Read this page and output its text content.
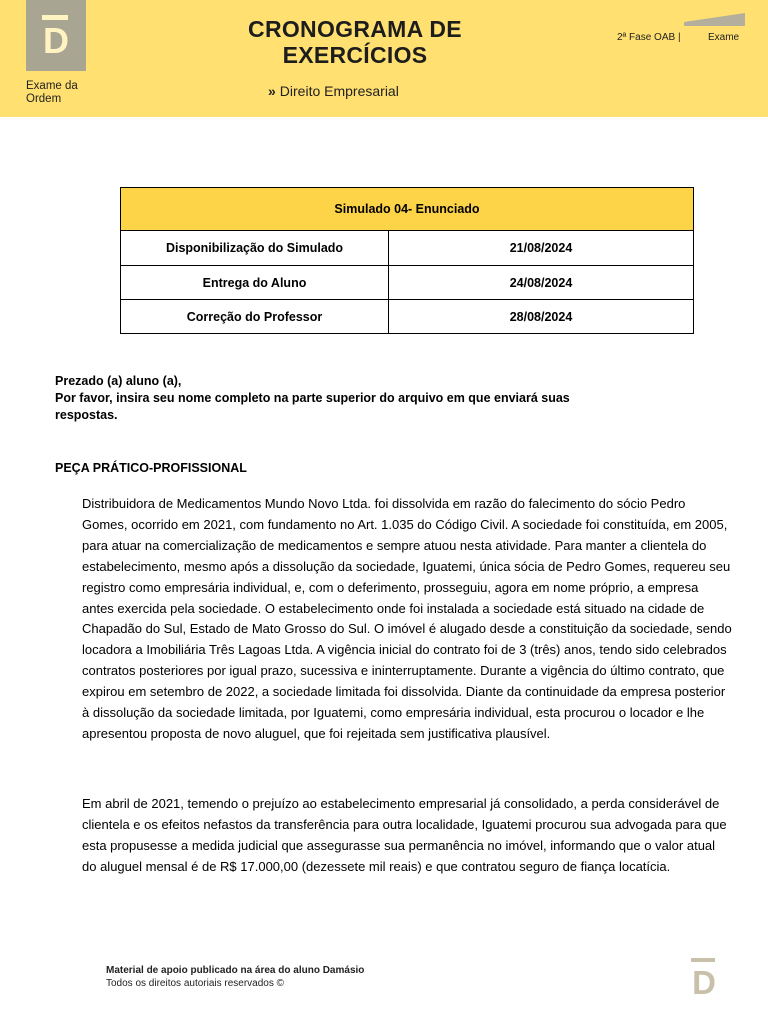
D
Exame da
Ordem
CRONOGRAMA DE
EXERCÍCIOS
» Direito Empresarial
2ª Fase OAB |	Exame
Simulado 04- Enunciado	
Disponibilização do Simulado	21/08/2024
Entrega do Aluno	24/08/2024
Correção do Professor	28/08/2024
Prezado (a) aluno (a),
Por favor, insira seu nome completo na parte superior do arquivo em que enviará suas respostas.
PEÇA PRÁTICO-PROFISSIONAL

Distribuidora de Medicamentos Mundo Novo Ltda. foi dissolvida em razão do falecimento do sócio Pedro Gomes, ocorrido em 2021, com fundamento no Art. 1.035 do Código Civil. A sociedade foi constituída, em 2005, para atuar na comercialização de medicamentos e sempre atuou nesta atividade. Para manter a clientela do estabelecimento, mesmo após a dissolução da sociedade, Iguatemi, única sócia de Pedro Gomes, requereu seu registro como empresária individual, e, com o deferimento, prosseguiu, agora em nome próprio, a empresa antes exercida pela sociedade. O estabelecimento onde foi instalada a sociedade está situado na cidade de Chapadão do Sul, Estado de Mato Grosso do Sul. O imóvel é alugado desde a constituição da sociedade, sendo locadora a Imobiliária Três Lagoas Ltda. A vigência inicial do contrato foi de 3 (três) anos, tendo sido celebrados contratos posteriores por igual prazo, sucessiva e ininterruptamente. Durante a vigência do último contrato, que expirou em setembro de 2022, a sociedade limitada foi dissolvida. Diante da continuidade da empresa posterior à dissolução da sociedade limitada, por Iguatemi, como empresária individual, esta procurou o locador e lhe apresentou proposta de novo aluguel, que foi rejeitada sem justificativa plausível.

Em abril de 2021, temendo o prejuízo ao estabelecimento empresarial já consolidado, a perda considerável de clientela e os efeitos nefastos da transferência para outra localidade, Iguatemi procurou sua advogada para que esta propusesse a medida judicial que assegurasse sua permanência no imóvel, informando que o valor atual do aluguel mensal é de R$ 17.000,00 (dezessete mil reais) e que contratou seguro de fiança locatícia.

Material de apoio publicado na área do aluno Damásio
Todos os direitos autoriais reservados ©	D
